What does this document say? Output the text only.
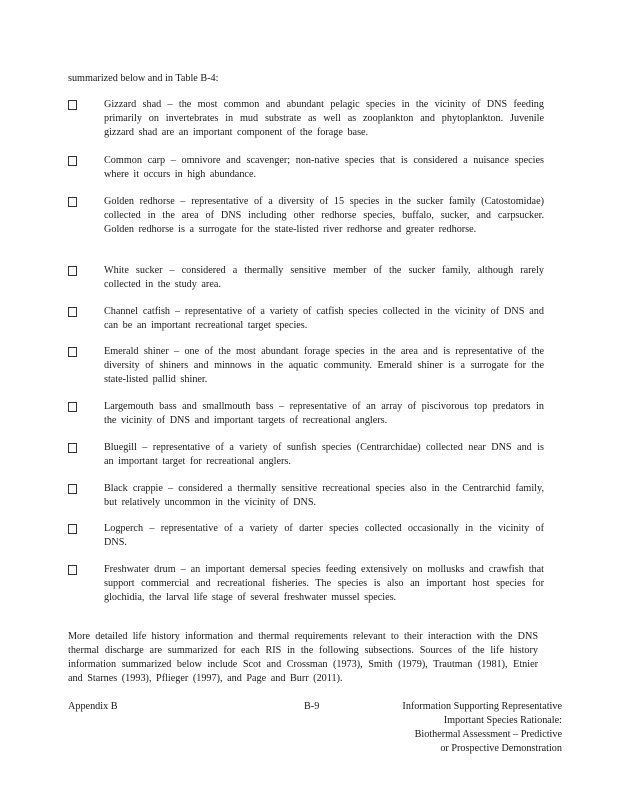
summarized below and in Table B-4:
Gizzard shad – the most common and abundant pelagic species in the vicinity of DNS feeding primarily on invertebrates in mud substrate as well as zooplankton and phytoplankton. Juvenile gizzard shad are an important component of the forage base.
Common carp – omnivore and scavenger; non-native species that is considered a nuisance species where it occurs in high abundance.
Golden redhorse – representative of a diversity of 15 species in the sucker family (Catostomidae) collected in the area of DNS including other redhorse species, buffalo, sucker, and carpsucker. Golden redhorse is a surrogate for the state-listed river redhorse and greater redhorse.
White sucker – considered a thermally sensitive member of the sucker family, although rarely collected in the study area.
Channel catfish – representative of a variety of catfish species collected in the vicinity of DNS and can be an important recreational target species.
Emerald shiner – one of the most abundant forage species in the area and is representative of the diversity of shiners and minnows in the aquatic community. Emerald shiner is a surrogate for the state-listed pallid shiner.
Largemouth bass and smallmouth bass – representative of an array of piscivorous top predators in the vicinity of DNS and important targets of recreational anglers.
Bluegill – representative of a variety of sunfish species (Centrarchidae) collected near DNS and is an important target for recreational anglers.
Black crappie – considered a thermally sensitive recreational species also in the Centrarchid family, but relatively uncommon in the vicinity of DNS.
Logperch – representative of a variety of darter species collected occasionally in the vicinity of DNS.
Freshwater drum – an important demersal species feeding extensively on mollusks and crawfish that support commercial and recreational fisheries. The species is also an important host species for glochidia, the larval life stage of several freshwater mussel species.
More detailed life history information and thermal requirements relevant to their interaction with the DNS thermal discharge are summarized for each RIS in the following subsections. Sources of the life history information summarized below include Scot and Crossman (1973), Smith (1979), Trautman (1981), Etnier and Starnes (1993), Pflieger (1997), and Page and Burr (2011).
Appendix B	B-9	Information Supporting Representative
Important Species Rationale:
Biothermal Assessment – Predictive
or Prospective Demonstration
